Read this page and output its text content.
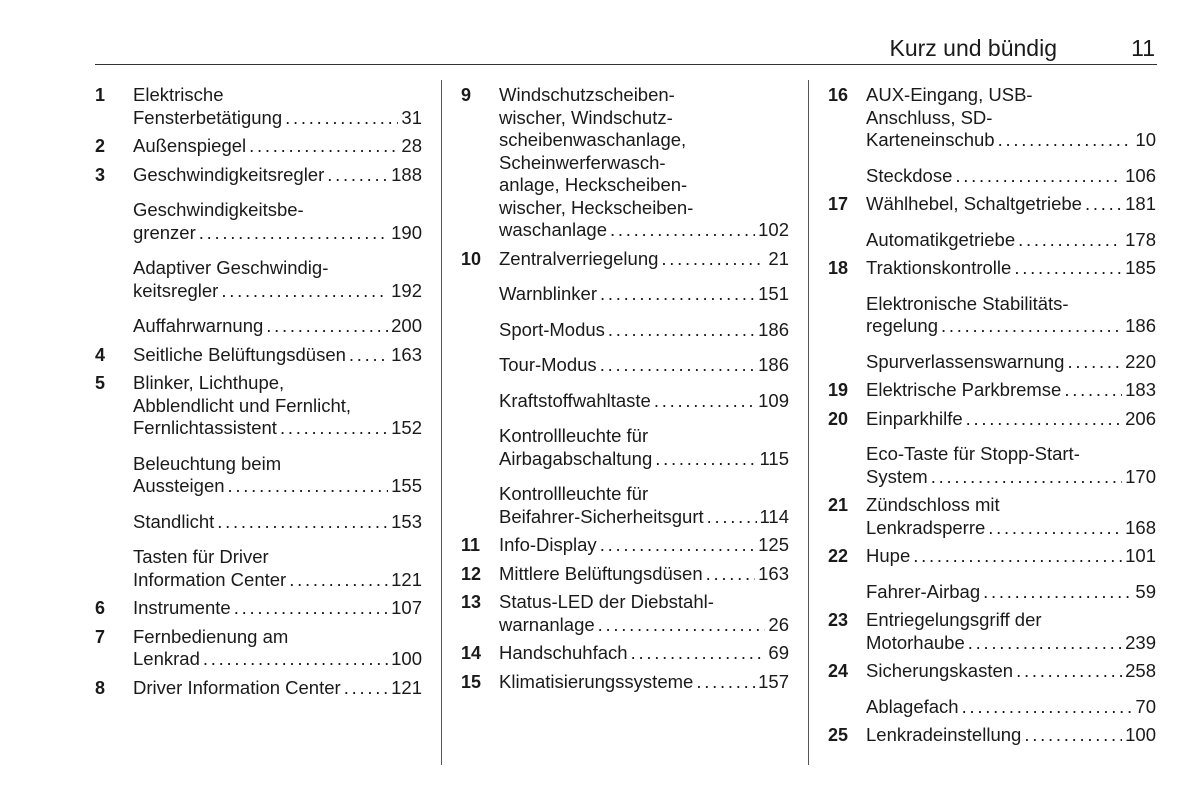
Kurz und bündig	11
1 Elektrische
Fensterbetätigung . . .	31
2 Außenspiegel . . .	28
3 Geschwindigkeitsregler . . .	188
Geschwindigkeitsbe-
grenzer . . .	190
Adaptiver Geschwindig-
keitsregler . . .	192
Auffahrwarnung . . .	200
4 Seitliche Belüftungsdüsen . . . 163
5 Blinker, Lichthupe,
Abblendlicht und Fernlicht,
Fernlichtassistent . . .	152
Beleuchtung beim
Aussteigen . . .	155
Standlicht . . .	153
Tasten für Driver
Information Center . . .	121
6 Instrumente . . .	107
7 Fernbedienung am
Lenkrad . . .	100
8 Driver Information Center . . .	121
9 Windschutzscheiben-
wischer, Windschutz-
scheibenwaschanlage,
Scheinwerferwasch-
anlage, Heckscheiben-
wischer, Heckscheiben-
waschanlage . . .	102
10 Zentralverriegelung . . .	21
Warnblinker . . .	151
Sport-Modus . . .	186
Tour-Modus . . .	186
Kraftstoffwahltaste . . .	109
Kontrollleuchte für
Airbagabschaltung . . .	115
Kontrollleuchte für
Beifahrer-Sicherheitsgurt . . .	114
11 Info-Display . . .	125
12 Mittlere Belüftungsdüsen . . .	163
13 Status-LED der Diebstahl-
warnanlage . . .	26
14 Handschuhfach . . .	69
15 Klimatisierungssysteme . . .	157
16 AUX-Eingang, USB-
Anschluss, SD-
Karteneinschub . . .	10
Steckdose . . .	106
17 Wählhebel, Schaltgetriebe . . . 181
Automatikgetriebe . . .	178
18 Traktionskontrolle . . .	185
Elektronische Stabilitäts-
regelung . . .	186
Spurverlassenswarnung . . .	220
19 Elektrische Parkbremse . . .	183
20 Einparkhilfe . . .	206
Eco-Taste für Stopp-Start-
System . . .	170
21 Zündschloss mit
Lenkradsperre . . .	168
22 Hupe . . .	101
Fahrer-Airbag . . .	59
23 Entriegelungsgriff der
Motorhaube . . .	239
24 Sicherungskasten . . .	258
Ablagefach . . .	70
25 Lenkradeinstellung . . .	100
